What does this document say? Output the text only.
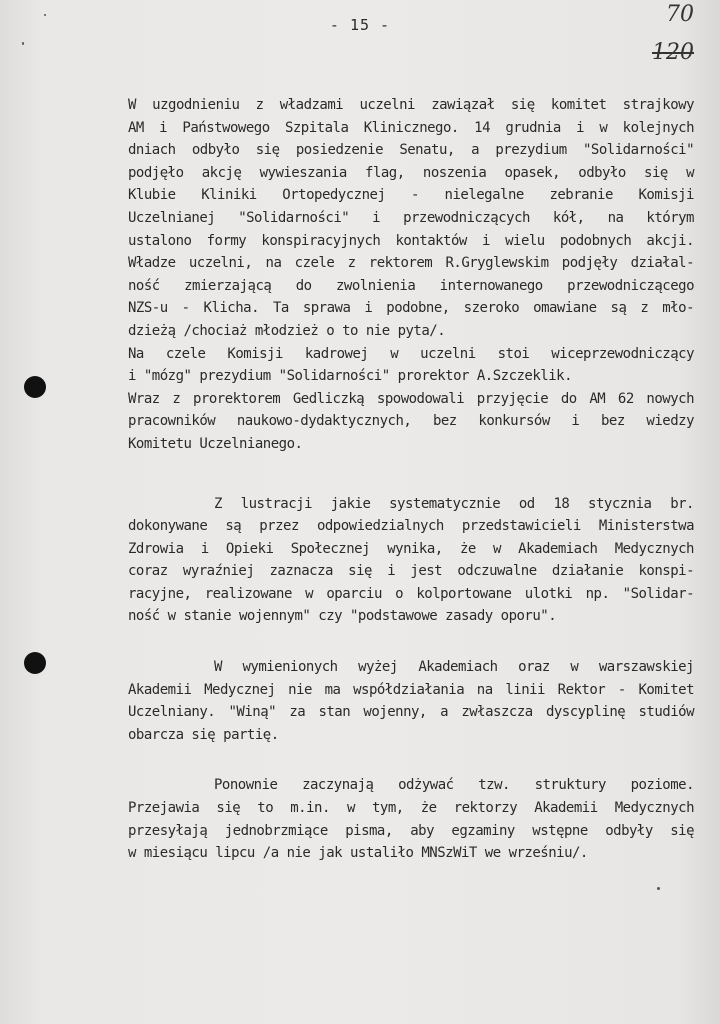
- 15 -	70
120

W uzgodnieniu z władzami uczelni zawiązał się komitet strajkowy
AM i Państwowego Szpitala Klinicznego. 14 grudnia i w kolejnych
dniach odbyło się posiedzenie Senatu, a prezydium "Solidarności"
podjęło akcję wywieszania flag, noszenia opasek, odbyło się w
Klubie Kliniki Ortopedycznej - nielegalne zebranie Komisji
Uczelnianej "Solidarności" i przewodniczących kół, na którym
ustalono formy konspiracyjnych kontaktów i wielu podobnych akcji.
Władze uczelni, na czele z rektorem R.Gryglewskim podjęły działal-
ność zmierzającą do zwolnienia internowanego przewodniczącego
NZS-u - Klicha. Ta sprawa i podobne, szeroko omawiane są z mło-
dzieżą /chociaż młodzież o to nie pyta/.

Na czele Komisji kadrowej w uczelni stoi wiceprzewodniczący
i "mózg" prezydium "Solidarności" prorektor A.Szczeklik.

Wraz z prorektorem Gedliczką spowodowali przyjęcie do AM 62 nowych
pracowników naukowo-dydaktycznych, bez konkursów i bez wiedzy
Komitetu Uczelnianego.

Z lustracji jakie systematycznie od 18 stycznia br.
dokonywane są przez odpowiedzialnych przedstawicieli Ministerstwa
Zdrowia i Opieki Społecznej wynika, że w Akademiach Medycznych
coraz wyraźniej zaznacza się i jest odczuwalne działanie konspi-
racyjne, realizowane w oparciu o kolportowane ulotki np. "Solidar-
ność w stanie wojennym" czy "podstawowe zasady oporu".

W wymienionych wyżej Akademiach oraz w warszawskiej
Akademii Medycznej nie ma współdziałania na linii Rektor - Komitet
Uczelniany. "Winą" za stan wojenny, a zwłaszcza dyscyplinę studiów
obarcza się partię.

Ponownie zaczynają odżywać tzw. struktury poziome.
Przejawia się to m.in. w tym, że rektorzy Akademii Medycznych
przesyłają jednobrzmiące pisma, aby egzaminy wstępne odbyły się
w miesiącu lipcu /a nie jak ustaliło MNSzWiT we wrześniu/.
